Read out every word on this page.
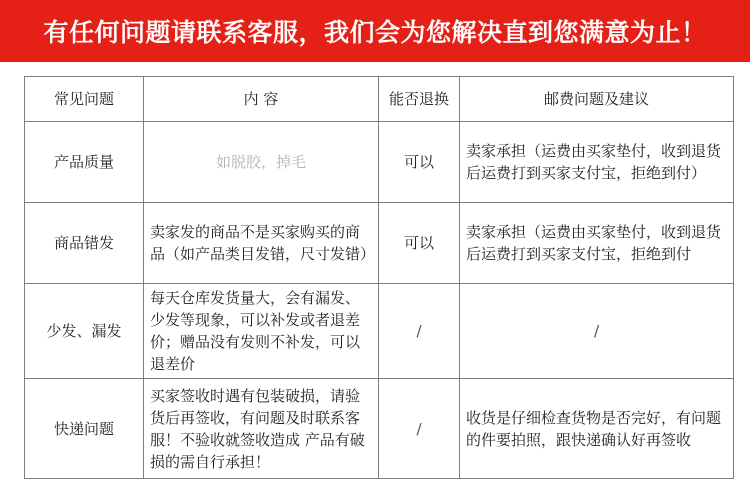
有任何问题请联系客服，我们会为您解决直到您满意为止！
常见问题	内 容	能否退换	邮费问题及建议
产品质量	如脱胶，掉毛	可以	卖家承担（运费由买家垫付，收到退货后运费打到买家支付宝，拒绝到付）
商品错发	卖家发的商品不是买家购买的商品（如产品类目发错，尺寸发错）	可以	卖家承担（运费由买家垫付，收到退货后运费打到买家支付宝，拒绝到付
少发、漏发	每天仓库发货量大，会有漏发、少发等现象，可以补发或者退差价；赠品没有发则不补发，可以退差价	/	/
快递问题	买家签收时遇有包装破损，请验货后再签收，有问题及时联系客服！不验收就签收造成 产品有破损的需自行承担！	/	收货是仔细检查货物是否完好，有问题的件要拍照，跟快递确认好再签收
